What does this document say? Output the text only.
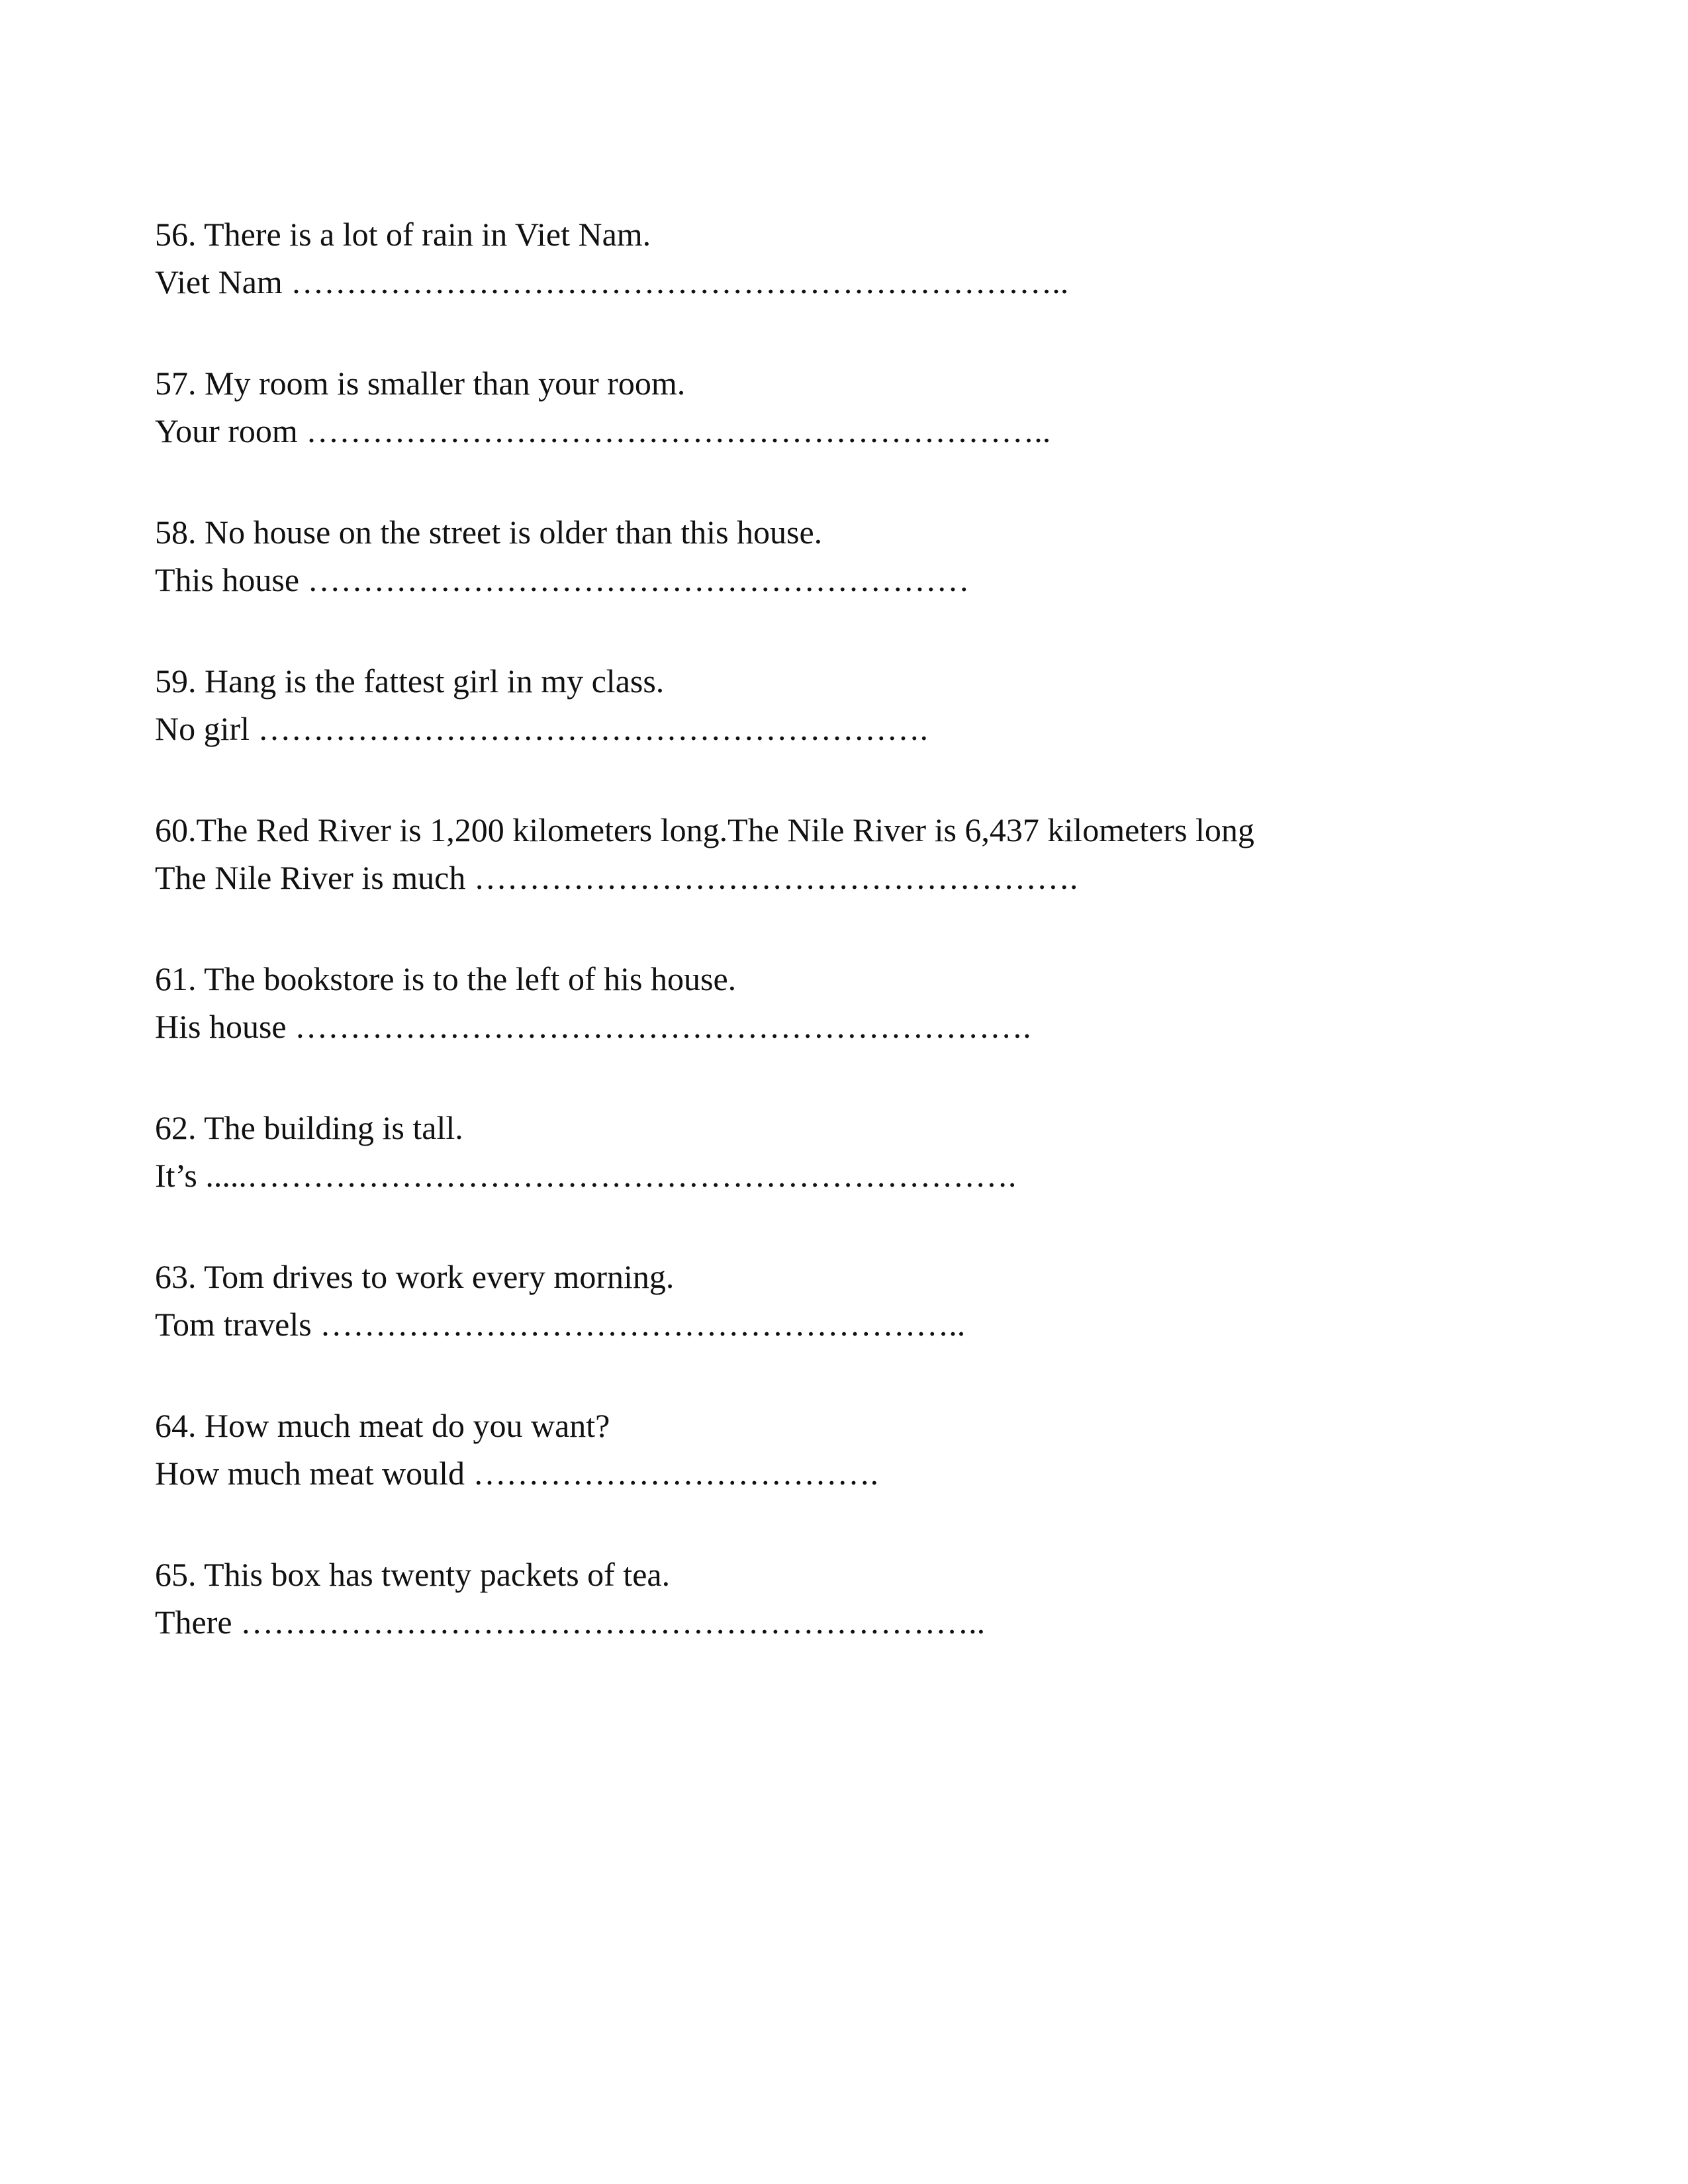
56. There is a lot of rain in Viet Nam.

Viet Nam ……………………………………………………………..

57. My room is smaller than your room.

Your room …………………………………………………………..

58. No house on the street is older than this house.

This house ……………………………………………………

59. Hang is the fattest girl in my class.

No girl …………………………………………………….

60.The Red River is 1,200 kilometers long.The Nile River is 6,437 kilometers long

The Nile River is much ……………………………………………….

61. The bookstore is to the left of his house.

His house ………………………………………………………….

62. The building is tall.

It’s .....…………………………………………………………….

63. Tom drives to work every morning.

Tom travels …………………………………………………..

64. How much meat do you want?

How much meat would ……………………………….

65. This box has twenty packets of tea.

There …………………………………………………………..
